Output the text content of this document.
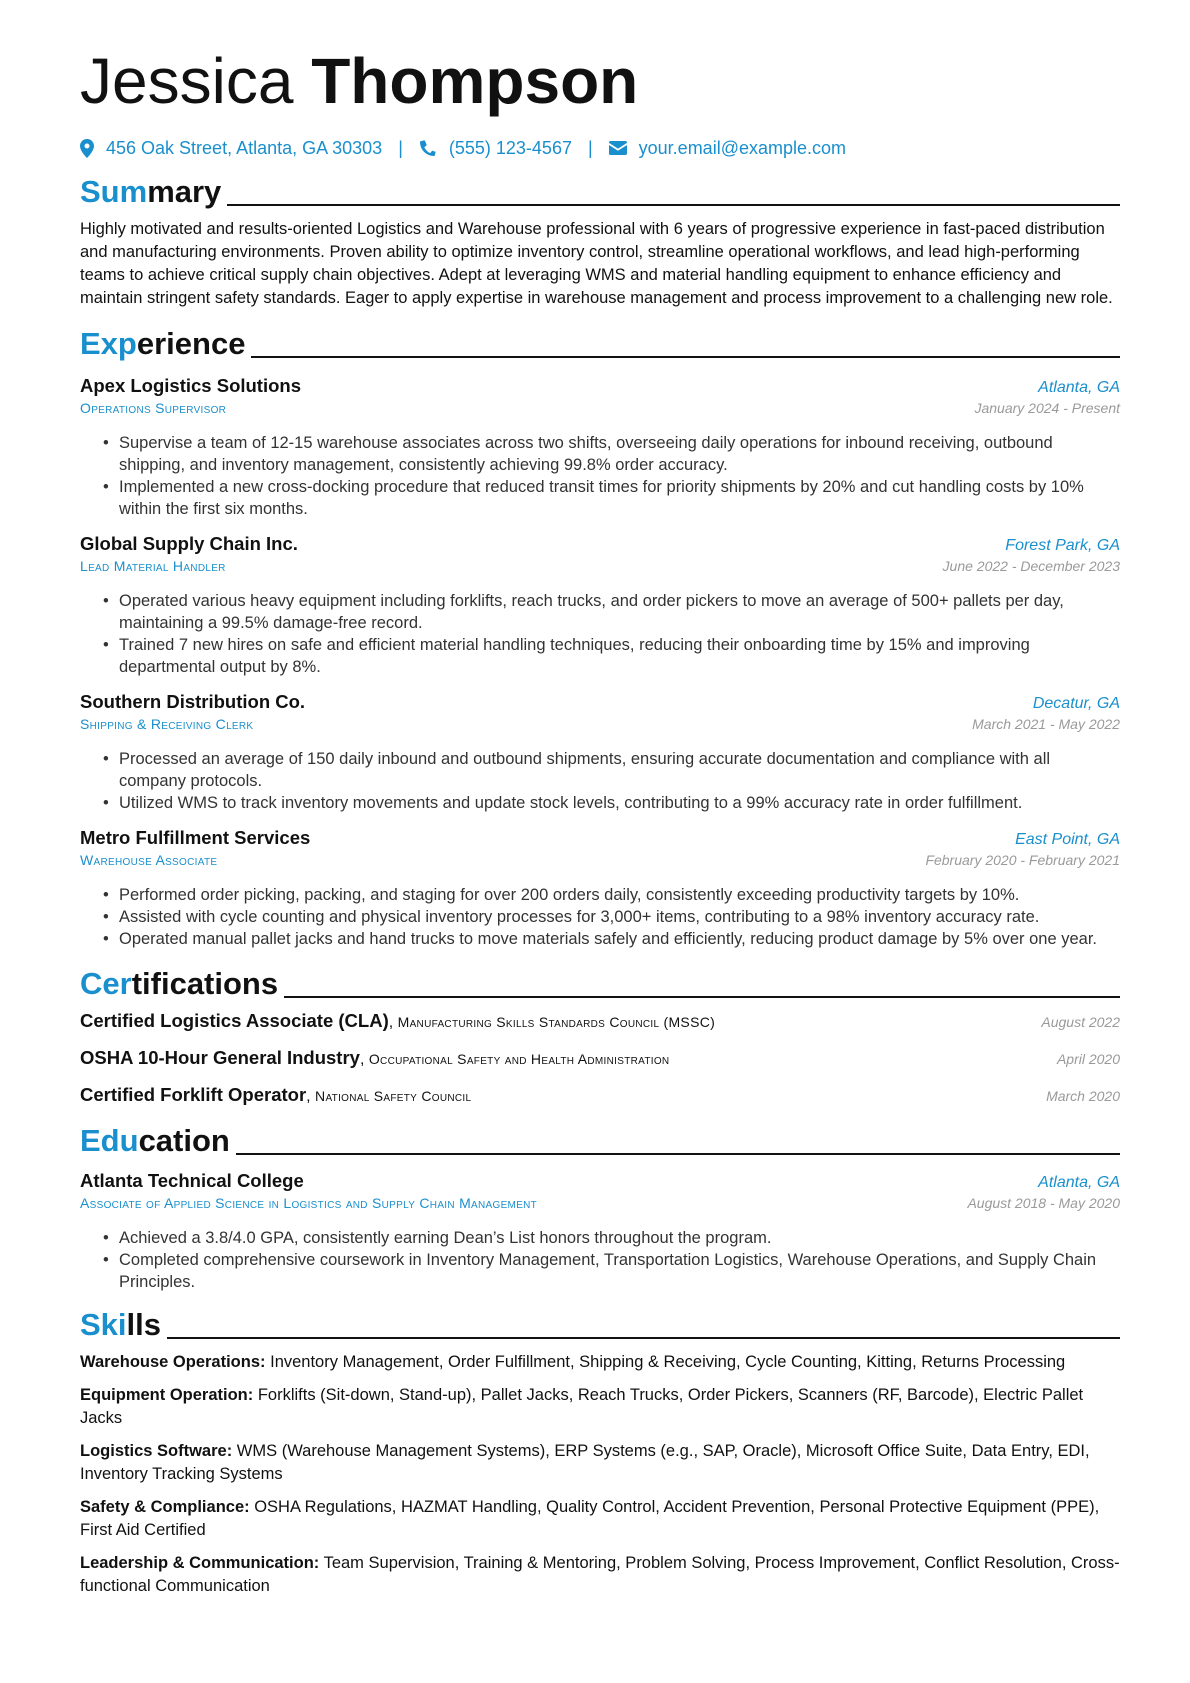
Jessica Thompson
456 Oak Street, Atlanta, GA 30303 |	(555) 123-4567 |	your.email@example.com
Summary

Highly motivated and results-oriented Logistics and Warehouse professional with 6 years of progressive experience in fast-paced distribution and manufacturing environments. Proven ability to optimize inventory control, streamline operational workflows, and lead high-performing teams to achieve critical supply chain objectives. Adept at leveraging WMS and material handling equipment to enhance efficiency and maintain stringent safety standards. Eager to apply expertise in warehouse management and process improvement to a challenging new role.

Experience
Apex Logistics Solutions	Atlanta, GA
Operations Supervisor	January 2024 - Present
• Supervise a team of 12-15 warehouse associates across two shifts, overseeing daily operations for inbound receiving, outbound shipping, and inventory management, consistently achieving 99.8% order accuracy.
• Implemented a new cross-docking procedure that reduced transit times for priority shipments by 20% and cut handling costs by 10% within the first six months.
Global Supply Chain Inc.	Forest Park, GA
Lead Material Handler	June 2022 - December 2023
• Operated various heavy equipment including forklifts, reach trucks, and order pickers to move an average of 500+ pallets per day, maintaining a 99.5% damage-free record.
• Trained 7 new hires on safe and efficient material handling techniques, reducing their onboarding time by 15% and improving departmental output by 8%.
Southern Distribution Co.	Decatur, GA
Shipping & Receiving Clerk	March 2021 - May 2022
• Processed an average of 150 daily inbound and outbound shipments, ensuring accurate documentation and compliance with all company protocols.
• Utilized WMS to track inventory movements and update stock levels, contributing to a 99% accuracy rate in order fulfillment.
Metro Fulfillment Services	East Point, GA
Warehouse Associate	February 2020 - February 2021
• Performed order picking, packing, and staging for over 200 orders daily, consistently exceeding productivity targets by 10%.
• Assisted with cycle counting and physical inventory processes for 3,000+ items, contributing to a 98% inventory accuracy rate.
• Operated manual pallet jacks and hand trucks to move materials safely and efficiently, reducing product damage by 5% over one year.
Certifications
Certified Logistics Associate (CLA), Manufacturing Skills Standards Council (MSSC)	August 2022
OSHA 10-Hour General Industry, Occupational Safety and Health Administration	April 2020
Certified Forklift Operator, National Safety Council	March 2020
Education
Atlanta Technical College	Atlanta, GA
Associate of Applied Science in Logistics and Supply Chain Management	August 2018 - May 2020
• Achieved a 3.8/4.0 GPA, consistently earning Dean’s List honors throughout the program.
• Completed comprehensive coursework in Inventory Management, Transportation Logistics, Warehouse Operations, and Supply Chain Principles.
Skills

Warehouse Operations: Inventory Management, Order Fulfillment, Shipping & Receiving, Cycle Counting, Kitting, Returns Processing

Equipment Operation: Forklifts (Sit-down, Stand-up), Pallet Jacks, Reach Trucks, Order Pickers, Scanners (RF, Barcode), Electric Pallet Jacks

Logistics Software: WMS (Warehouse Management Systems), ERP Systems (e.g., SAP, Oracle), Microsoft Office Suite, Data Entry, EDI, Inventory Tracking Systems

Safety & Compliance: OSHA Regulations, HAZMAT Handling, Quality Control, Accident Prevention, Personal Protective Equipment (PPE), First Aid Certified

Leadership & Communication: Team Supervision, Training & Mentoring, Problem Solving, Process Improvement, Conflict Resolution, Cross-functional Communication
